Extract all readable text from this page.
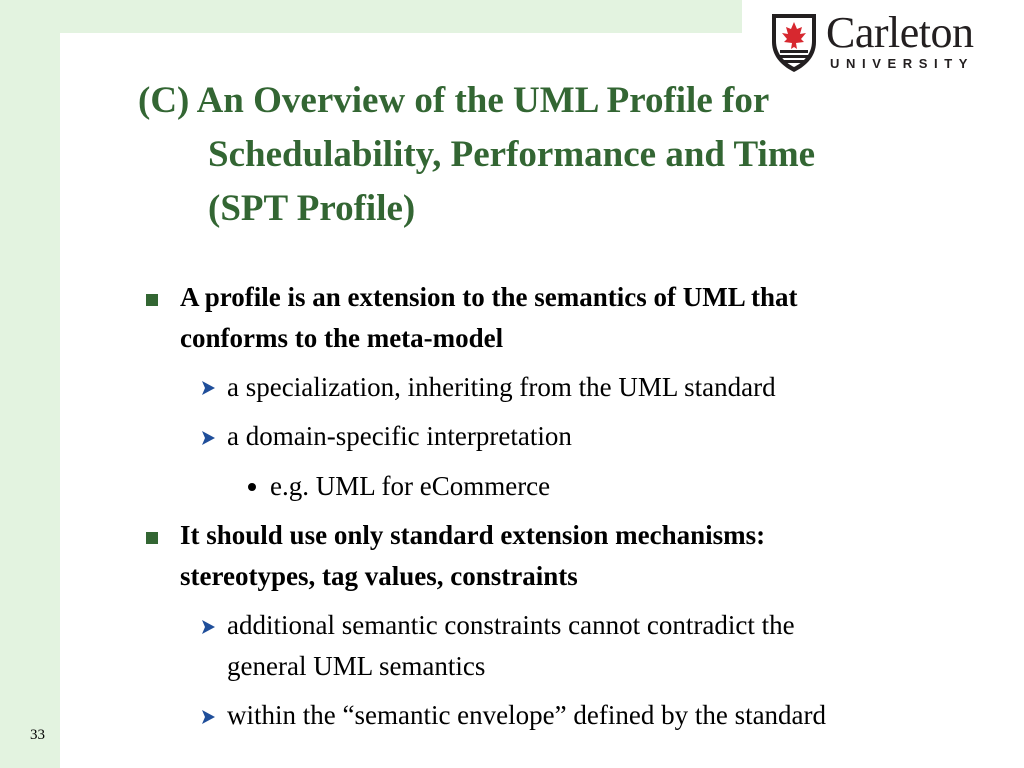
Carleton
UNIVERSITY
(C) An Overview of the UML Profile for
Schedulability, Performance and Time
(SPT Profile)
A profile is an extension to the semantics of UML that
conforms to the meta-model
a specialization, inheriting from the UML standard
a domain-specific interpretation
e.g. UML for eCommerce
It should use only standard extension mechanisms:
stereotypes, tag values, constraints
additional semantic constraints cannot contradict the
general UML semantics
within the “semantic envelope” defined by the standard
33
